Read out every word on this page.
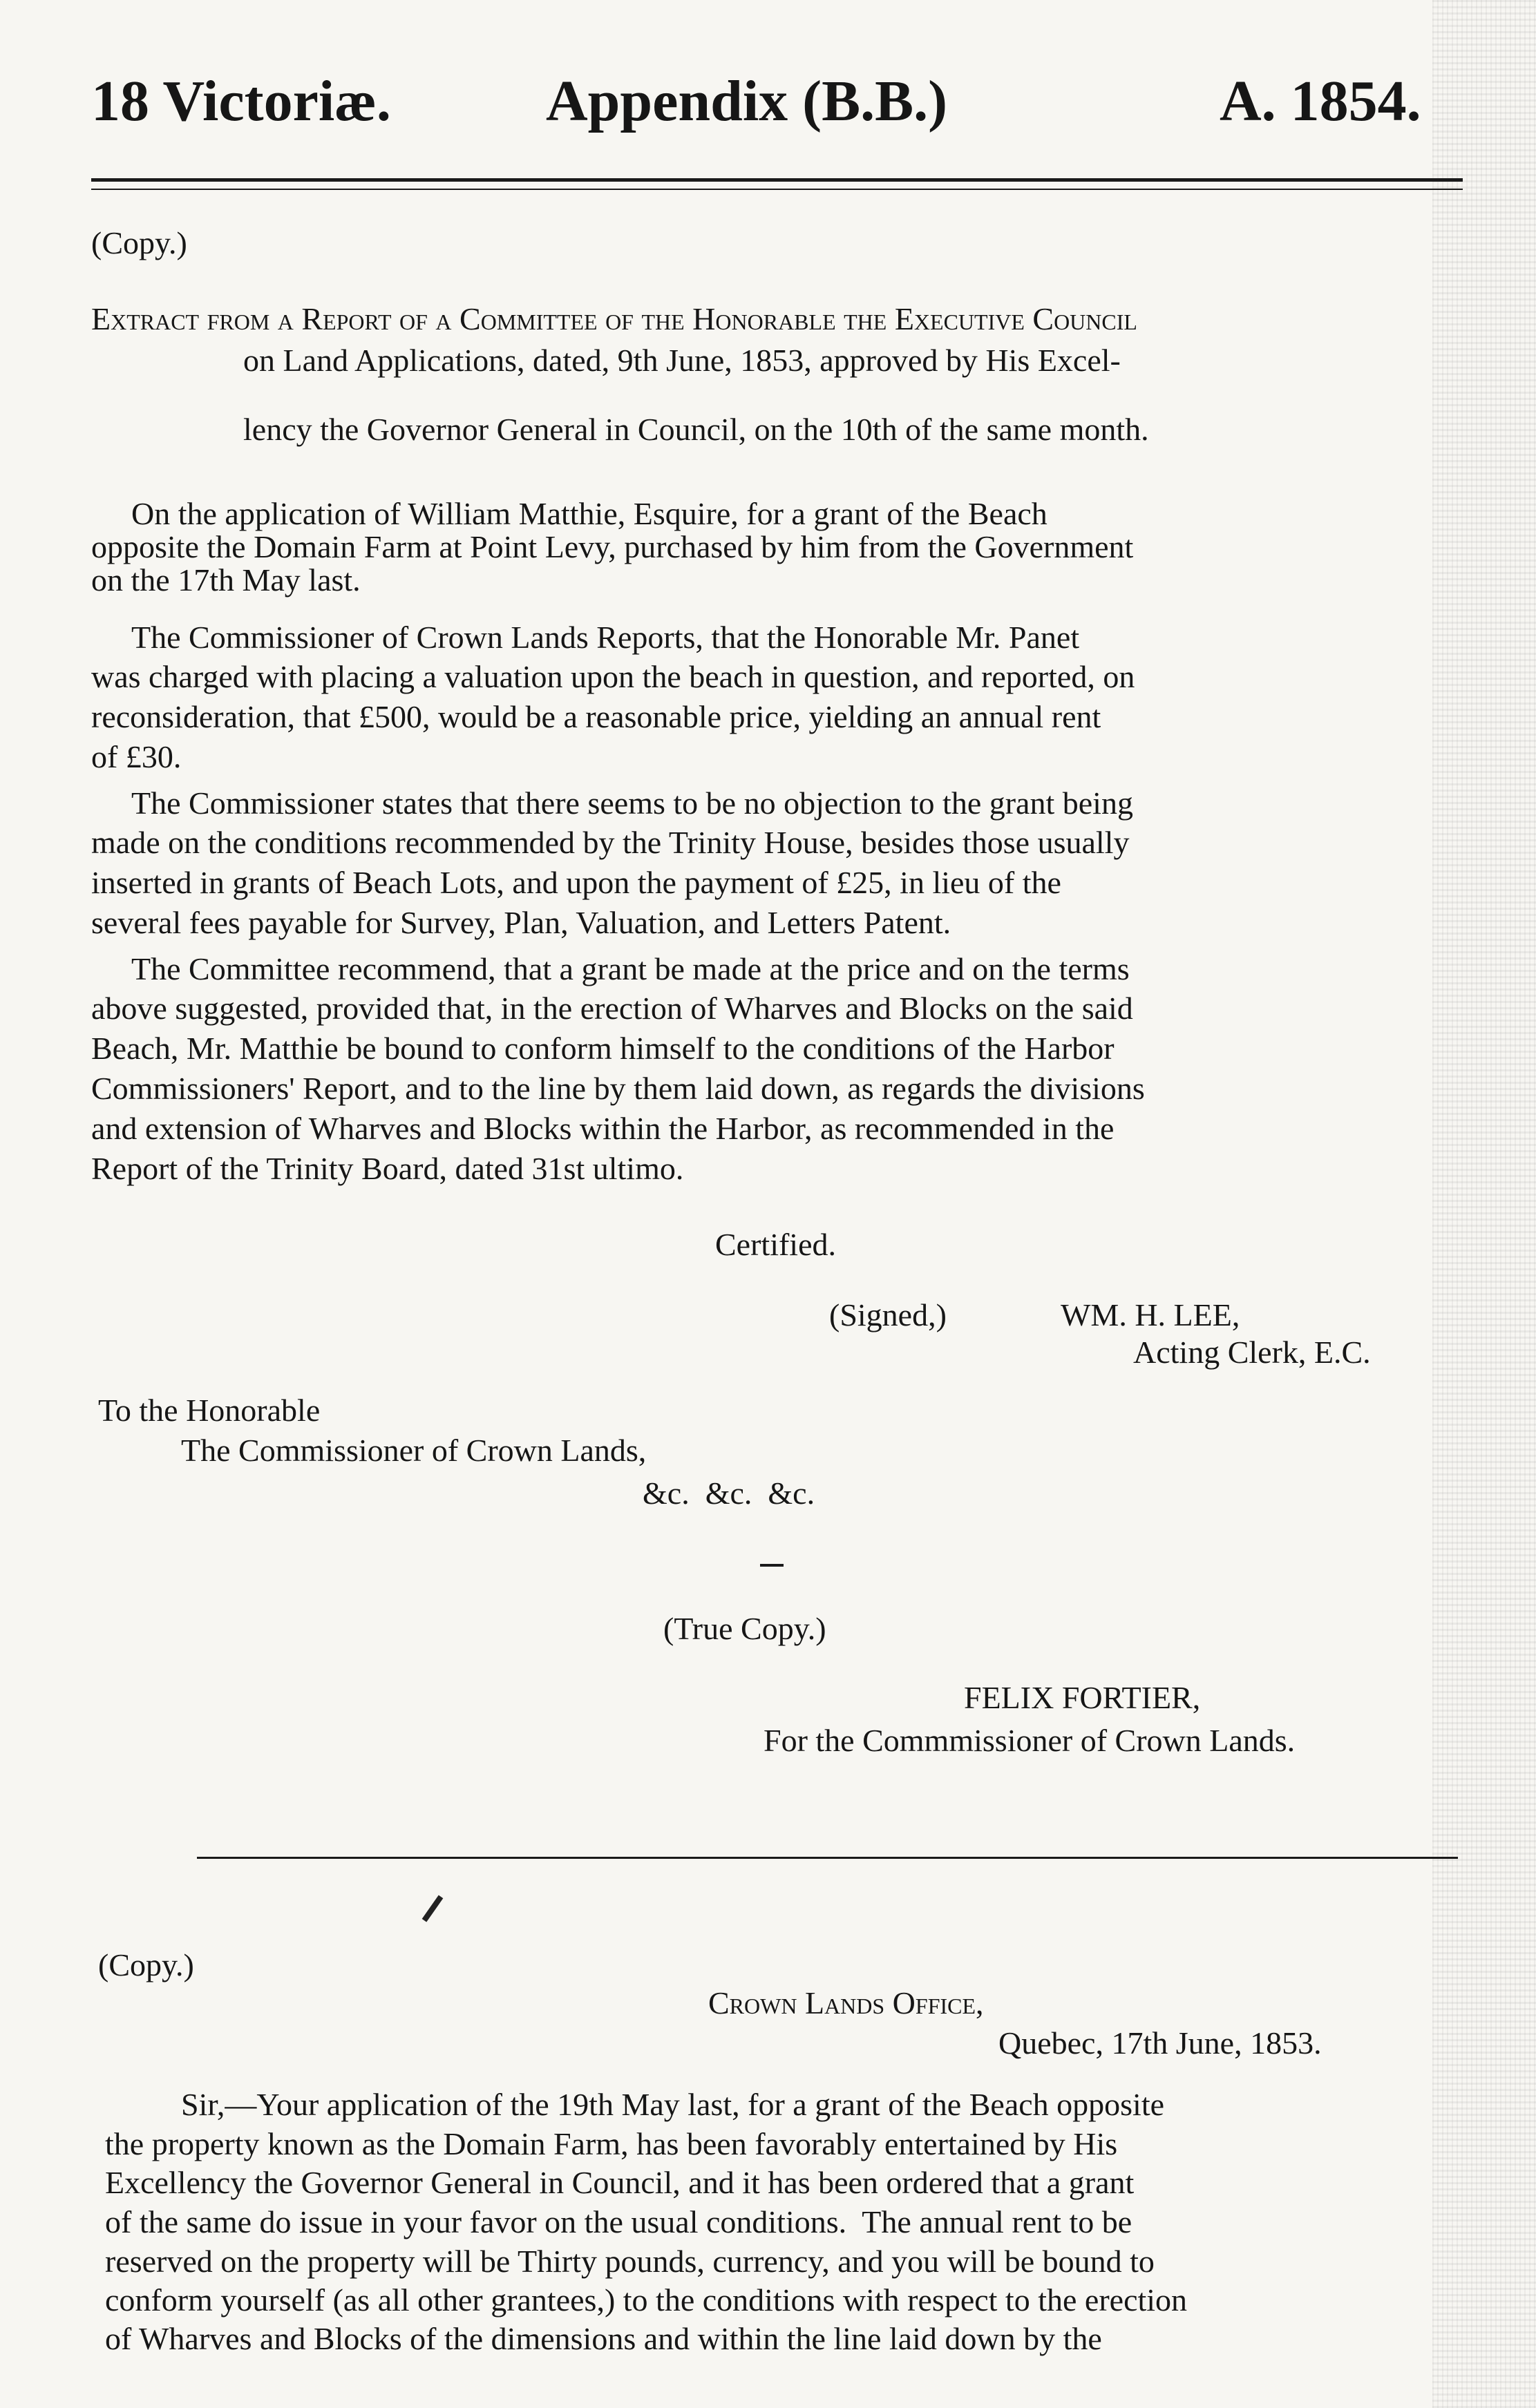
18 Victoriæ.	Appendix (B.B.)	A. 1854.
(Copy.)
Extract from a Report of a Committee of the Honorable the Executive Council
on Land Applications, dated, 9th June, 1853, approved by His Excel-
lency the Governor General in Council, on the 10th of the same month.
On the application of William Matthie, Esquire, for a grant of the Beach
opposite the Domain Farm at Point Levy, purchased by him from the Government
on the 17th May last.
The Commissioner of Crown Lands Reports, that the Honorable Mr. Panet
was charged with placing a valuation upon the beach in question, and reported, on
reconsideration, that £500, would be a reasonable price, yielding an annual rent
of £30.
The Commissioner states that there seems to be no objection to the grant being
made on the conditions recommended by the Trinity House, besides those usually
inserted in grants of Beach Lots, and upon the payment of £25, in lieu of the
several fees payable for Survey, Plan, Valuation, and Letters Patent.
The Committee recommend, that a grant be made at the price and on the terms
above suggested, provided that, in the erection of Wharves and Blocks on the said
Beach, Mr. Matthie be bound to conform himself to the conditions of the Harbor
Commissioners' Report, and to the line by them laid down, as regards the divisions
and extension of Wharves and Blocks within the Harbor, as recommended in the
Report of the Trinity Board, dated 31st ultimo.
Certified.
(Signed,)	WM. H. LEE,
Acting Clerk, E.C.
To the Honorable
The Commissioner of Crown Lands,
&c.  &c.  &c.
(True Copy.)
FELIX FORTIER,
For the Commmissioner of Crown Lands.
(Copy.)
Crown Lands Office,
Quebec, 17th June, 1853.
Sir,—Your application of the 19th May last, for a grant of the Beach opposite
the property known as the Domain Farm, has been favorably entertained by His
Excellency the Governor General in Council, and it has been ordered that a grant
of the same do issue in your favor on the usual conditions.  The annual rent to be
reserved on the property will be Thirty pounds, currency, and you will be bound to
conform yourself (as all other grantees,) to the conditions with respect to the erection
of Wharves and Blocks of the dimensions and within the line laid down by the
